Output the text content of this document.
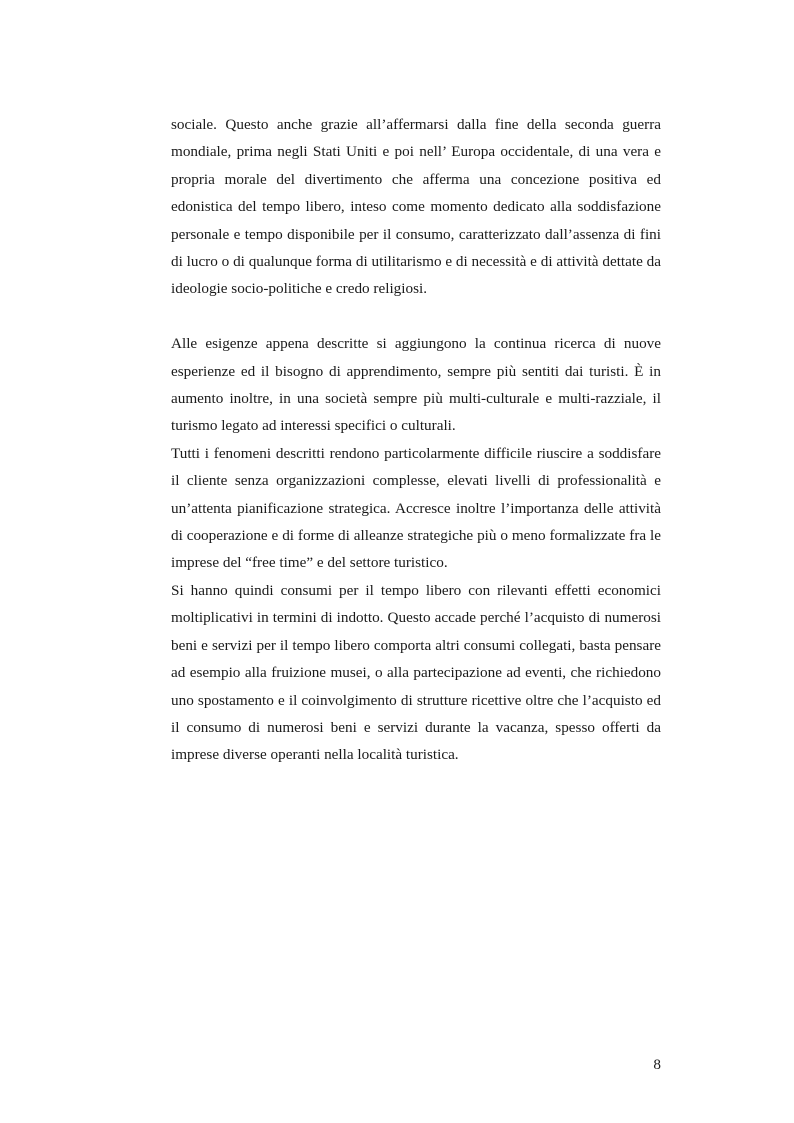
sociale. Questo anche grazie all’affermarsi dalla fine della seconda guerra mondiale, prima negli Stati Uniti e poi nell’ Europa occidentale, di una vera e propria morale del divertimento che afferma una concezione positiva ed edonistica del tempo libero, inteso come momento dedicato alla soddisfazione personale e tempo disponibile per il consumo, caratterizzato dall’assenza di fini di lucro o di qualunque forma di utilitarismo e di necessità e di attività dettate da ideologie socio-politiche e credo religiosi.

Alle esigenze appena descritte si aggiungono la continua ricerca di nuove esperienze ed il bisogno di apprendimento, sempre più sentiti dai turisti. È in aumento inoltre, in una società sempre più multi-culturale e multi-razziale, il turismo legato ad interessi specifici o culturali.

Tutti i fenomeni descritti rendono particolarmente difficile riuscire a soddisfare il cliente senza organizzazioni complesse, elevati livelli di professionalità e un’attenta pianificazione strategica. Accresce inoltre l’importanza delle attività di cooperazione e di forme di alleanze strategiche più o meno formalizzate fra le imprese del “free time” e del settore turistico.

Si hanno quindi consumi per il tempo libero con rilevanti effetti economici moltiplicativi in termini di indotto. Questo accade perché l’acquisto di numerosi beni e servizi per il tempo libero comporta altri consumi collegati, basta pensare ad esempio alla fruizione musei, o alla partecipazione ad eventi, che richiedono uno spostamento e il coinvolgimento di strutture ricettive oltre che l’acquisto ed il consumo di numerosi beni e servizi durante la vacanza, spesso offerti da imprese diverse operanti nella località turistica.

8
